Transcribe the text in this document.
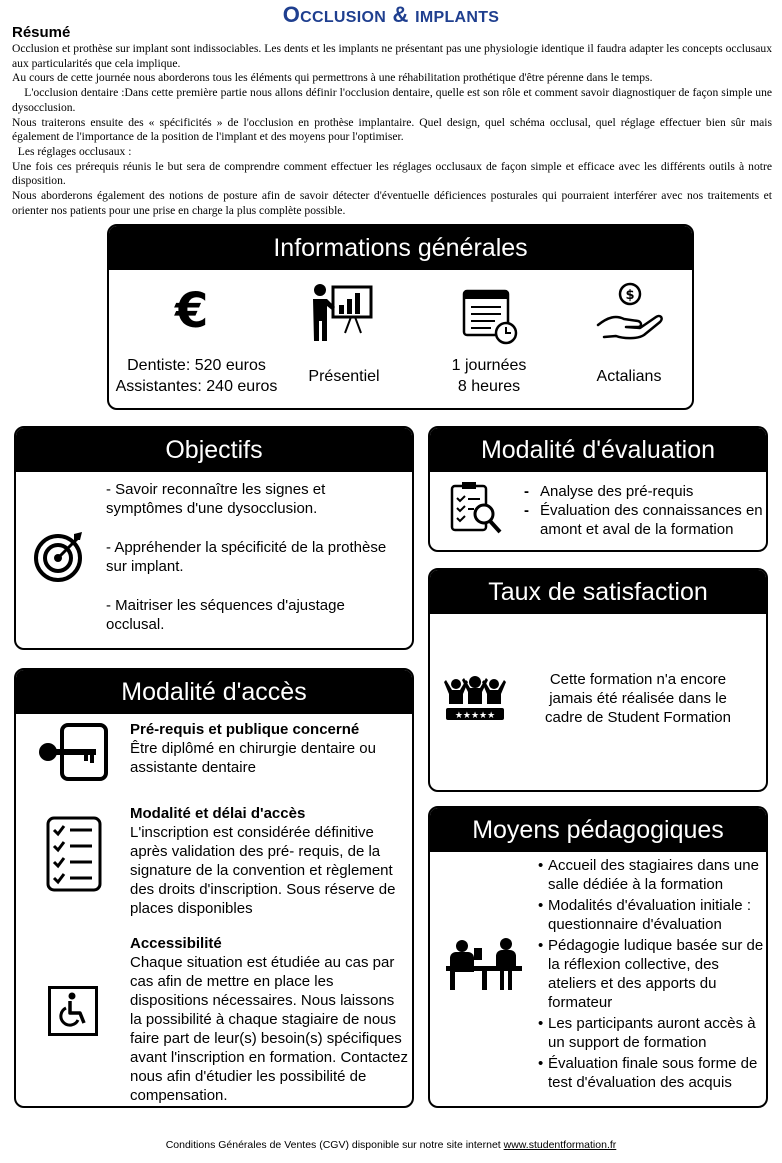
OCCLUSION & IMPLANTS
Résumé

Occlusion et prothèse sur implant sont indissociables. Les dents et les implants ne présentant pas une physiologie identique il faudra adapter les concepts occlusaux aux particularités que cela implique.

Au cours de cette journée nous aborderons tous les éléments qui permettrons à une réhabilitation prothétique d'être pérenne dans le temps.

L'occlusion dentaire :Dans cette première partie nous allons définir l'occlusion dentaire, quelle est son rôle et comment savoir diagnostiquer de façon simple une dysocclusion.

Nous traiterons ensuite des « spécificités » de l'occlusion en prothèse implantaire. Quel design, quel schéma occlusal, quel réglage effectuer bien sûr mais également de l'importance de la position de l'implant et des moyens pour l'optimiser.

Les réglages occlusaux :

Une fois ces prérequis réunis le but sera de comprendre comment effectuer les réglages occlusaux de façon simple et efficace avec les différents outils à notre disposition.

Nous aborderons également des notions de posture afin de savoir détecter d'éventuelle déficiences posturales qui pourraient interférer avec nos traitements et orienter nos patients pour une prise en charge la plus complète possible.

Informations générales
€	$
Dentiste: 520 euros
Assistantes: 240 euros
Présentiel
1 journées
8 heures
Actalians
Objectifs
- Savoir reconnaître les signes et symptômes d'une dysocclusion.
- Appréhender la spécificité de la prothèse sur implant.
- Maitriser les séquences d'ajustage occlusal.
Modalité d'évaluation
- Analyse des pré-requis
- Évaluation des connaissances en amont et aval de la formation
Taux de satisfaction
★★★★★
Cette formation n'a encore jamais été réalisée dans le cadre de Student Formation
Modalité d'accès
Pré-requis et publique concerné
Être diplômé en chirurgie dentaire ou assistante dentaire
Modalité et délai d'accès
L'inscription est considérée définitive après validation des pré- requis, de la signature de la convention et règlement des droits d'inscription. Sous réserve de places disponibles
Accessibilité
Chaque situation est étudiée au cas par cas afin de mettre en place les dispositions nécessaires. Nous laissons la possibilité à chaque stagiaire de nous faire part de leur(s) besoin(s) spécifiques avant l'inscription en formation. Contactez nous afin d'étudier les possibilité de compensation.
Moyens pédagogiques
• Accueil des stagiaires dans une salle dédiée à la formation
• Modalités d'évaluation initiale : questionnaire d'évaluation
• Pédagogie ludique basée sur de la réflexion collective, des ateliers et des apports du formateur
• Les participants auront accès à un support de formation
• Évaluation finale sous forme de test d'évaluation des acquis
Conditions Générales de Ventes (CGV) disponible sur notre site internet www.studentformation.fr
